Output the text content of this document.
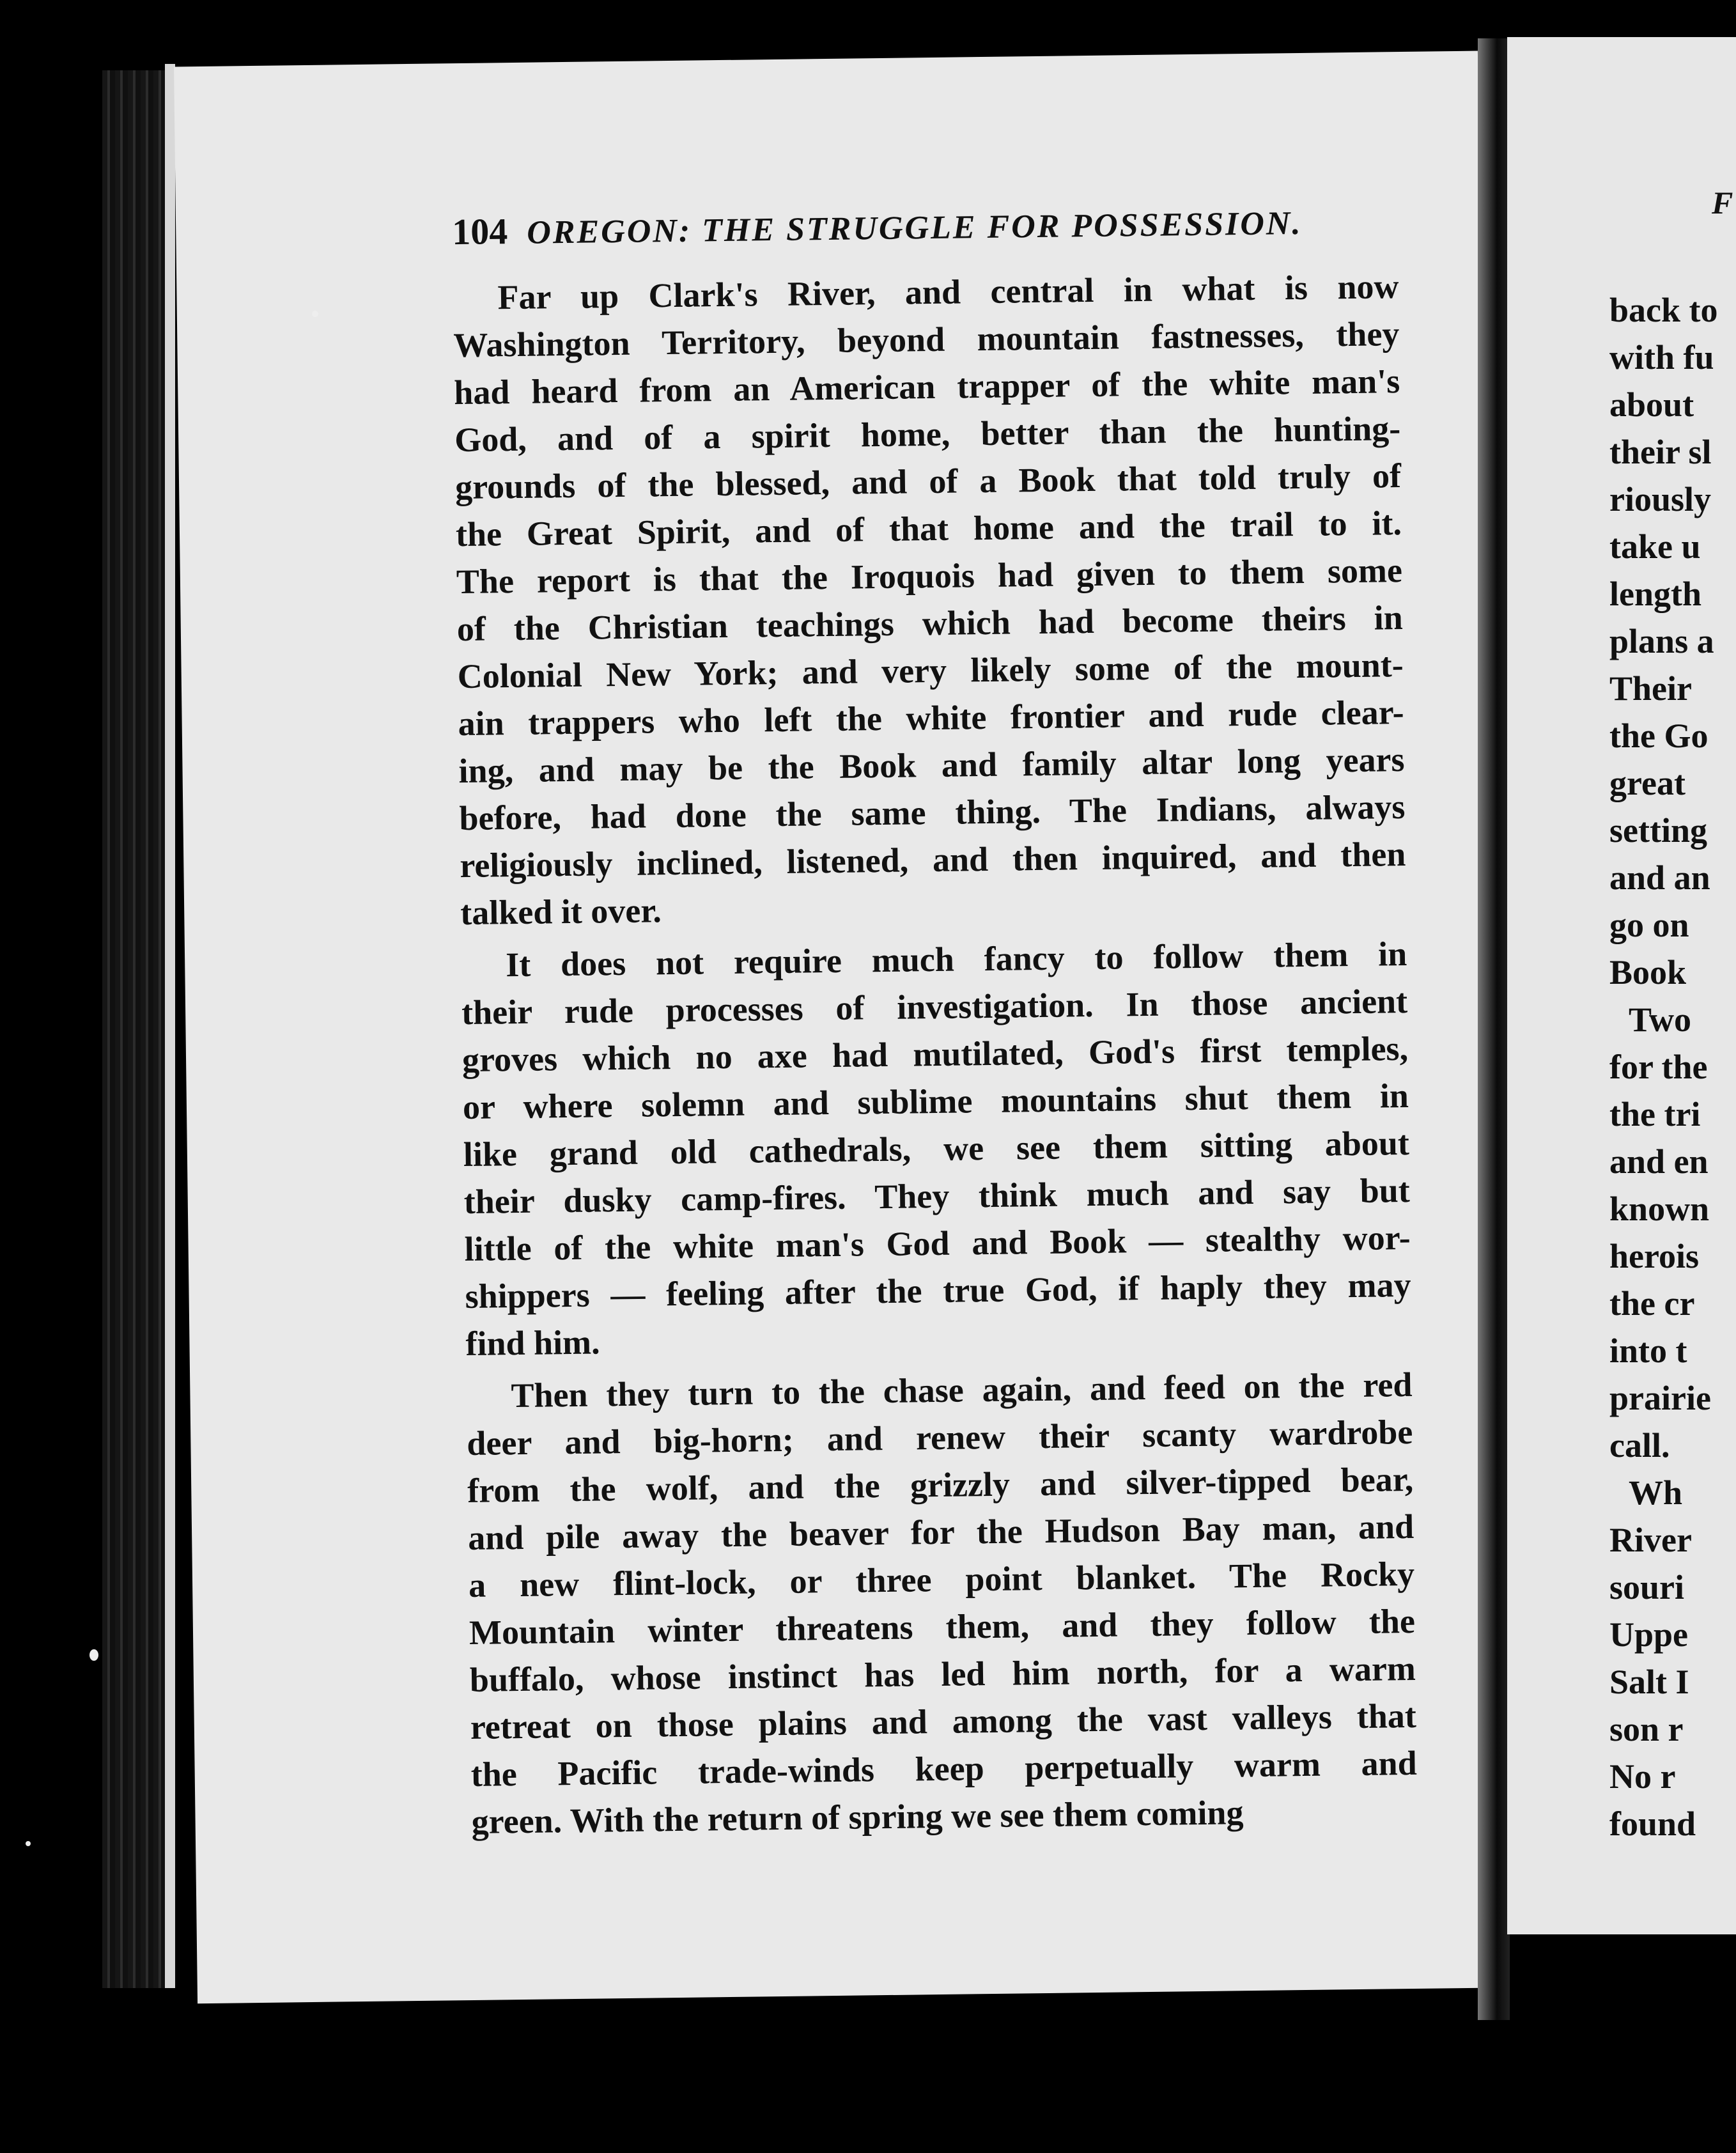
104 OREGON: THE STRUGGLE FOR POSSESSION.
Far up Clark's River, and central in what is now
Washington Territory, beyond mountain fastnesses, they
had heard from an American trapper of the white man's
God, and of a spirit home, better than the hunting-
grounds of the blessed, and of a Book that told truly of
the Great Spirit, and of that home and the trail to it.
The report is that the Iroquois had given to them some
of the Christian teachings which had become theirs in
Colonial New York; and very likely some of the mount-
ain trappers who left the white frontier and rude clear-
ing, and may be the Book and family altar long years
before, had done the same thing. The Indians, always
religiously inclined, listened, and then inquired, and then
talked it over.
It does not require much fancy to follow them in
their rude processes of investigation. In those ancient
groves which no axe had mutilated, God's first temples,
or where solemn and sublime mountains shut them in
like grand old cathedrals, we see them sitting about
their dusky camp-fires. They think much and say but
little of the white man's God and Book — stealthy wor-
shippers — feeling after the true God, if haply they may
find him.
Then they turn to the chase again, and feed on the red
deer and big-horn; and renew their scanty wardrobe
from the wolf, and the grizzly and silver-tipped bear,
and pile away the beaver for the Hudson Bay man, and
a new flint-lock, or three point blanket. The Rocky
Mountain winter threatens them, and they follow the
buffalo, whose instinct has led him north, for a warm
retreat on those plains and among the vast valleys that
the Pacific trade-winds keep perpetually warm and
green. With the return of spring we see them coming
F
back to
with fu
about
their sl
riously
take u
length
plans a
Their
the Go
great
setting
and an
go on
Book
Two
for the
the tri
and en
known
herois
the cr
into t
prairie
call.
Wh
River
souri
Uppe
Salt I
son r
No r
found
